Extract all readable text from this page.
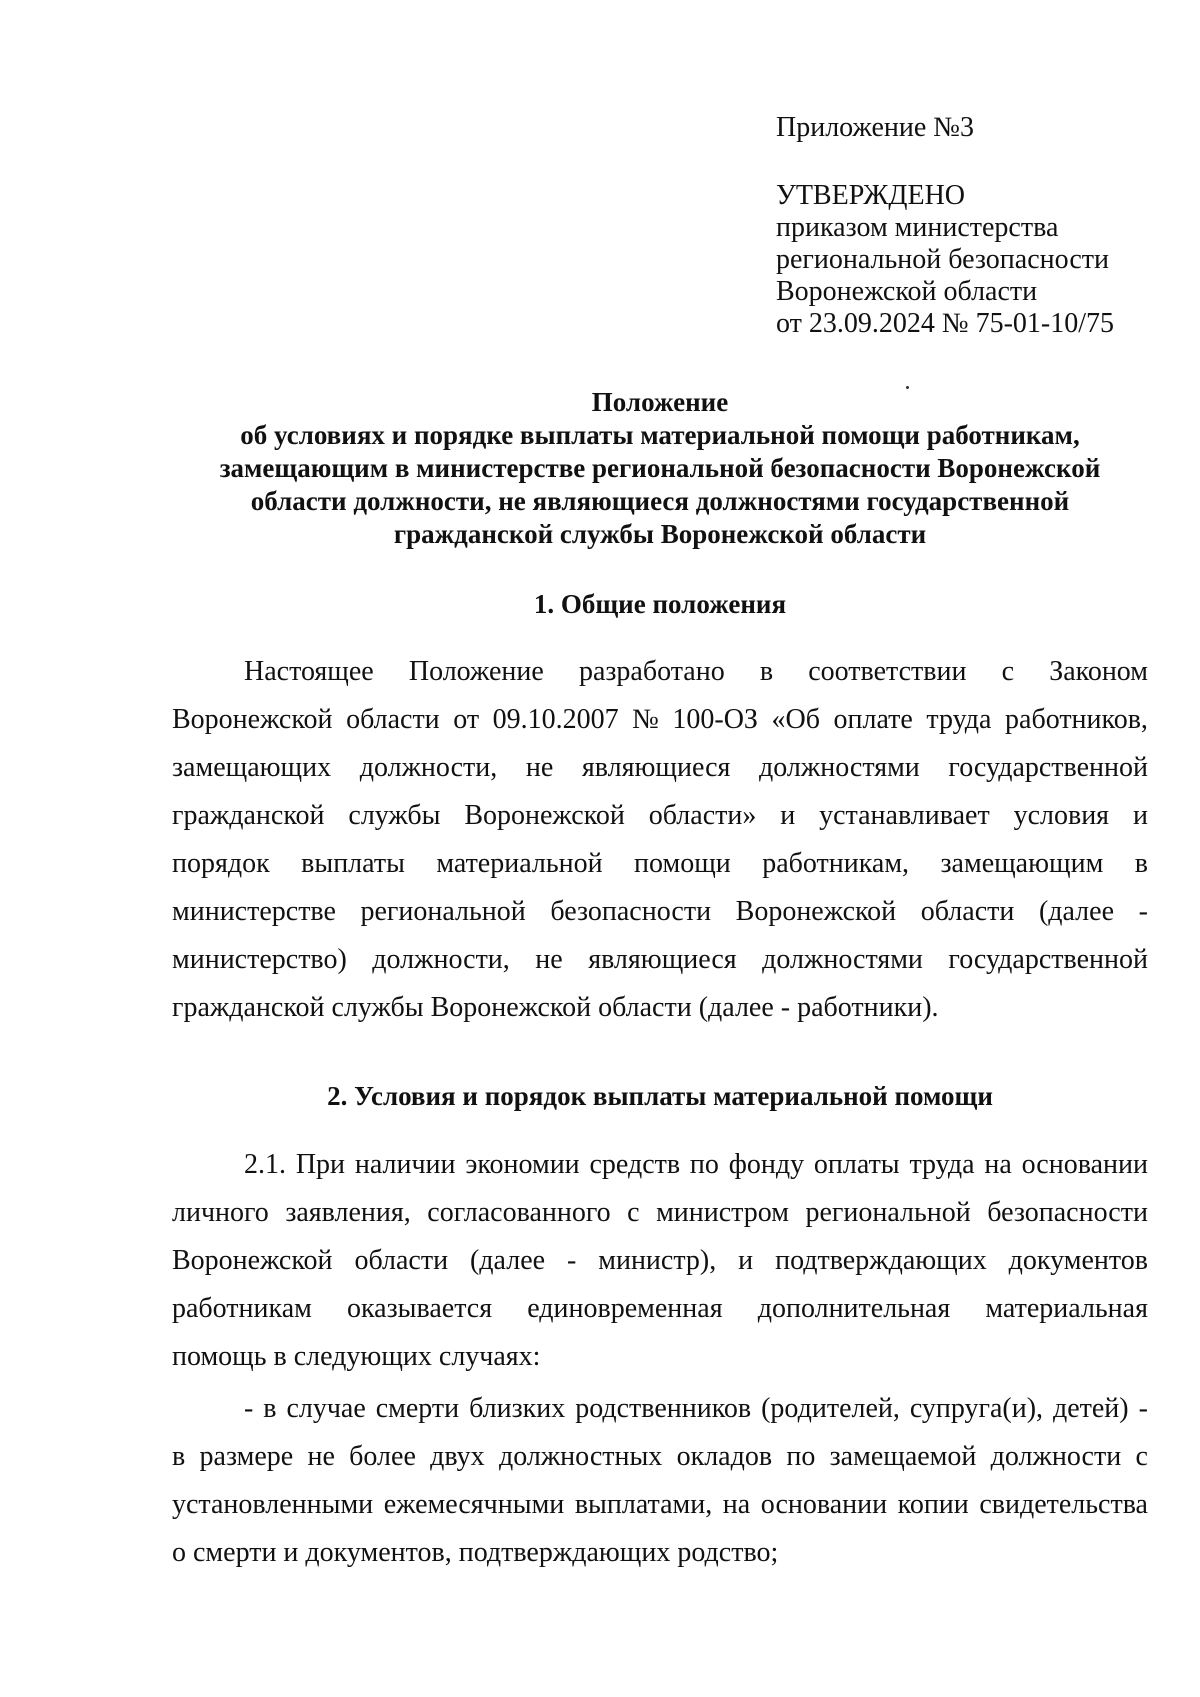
Приложение №3
УТВЕРЖДЕНО
приказом министерства
региональной безопасности
Воронежской области
от 23.09.2024 № 75-01-10/75
Положение
об условиях и порядке выплаты материальной помощи работникам,
замещающим в министерстве региональной безопасности Воронежской
области должности, не являющиеся должностями государственной
гражданской службы Воронежской области
1. Общие положения
Настоящее Положение разработано в соответствии с Законом
Воронежской области от 09.10.2007 № 100-ОЗ «Об оплате труда работников,
замещающих должности, не являющиеся должностями государственной
гражданской службы Воронежской области» и устанавливает условия и
порядок выплаты материальной помощи работникам, замещающим в
министерстве региональной безопасности Воронежской области (далее -
министерство) должности, не являющиеся должностями государственной
гражданской службы Воронежской области (далее - работники).
2. Условия и порядок выплаты материальной помощи
2.1. При наличии экономии средств по фонду оплаты труда на основании
личного заявления, согласованного с министром региональной безопасности
Воронежской области (далее - министр), и подтверждающих документов
работникам оказывается единовременная дополнительная материальная
помощь в следующих случаях:
- в случае смерти близких родственников (родителей, супруга(и), детей) -
в размере не более двух должностных окладов по замещаемой должности с
установленными ежемесячными выплатами, на основании копии свидетельства
о смерти и документов, подтверждающих родство;
